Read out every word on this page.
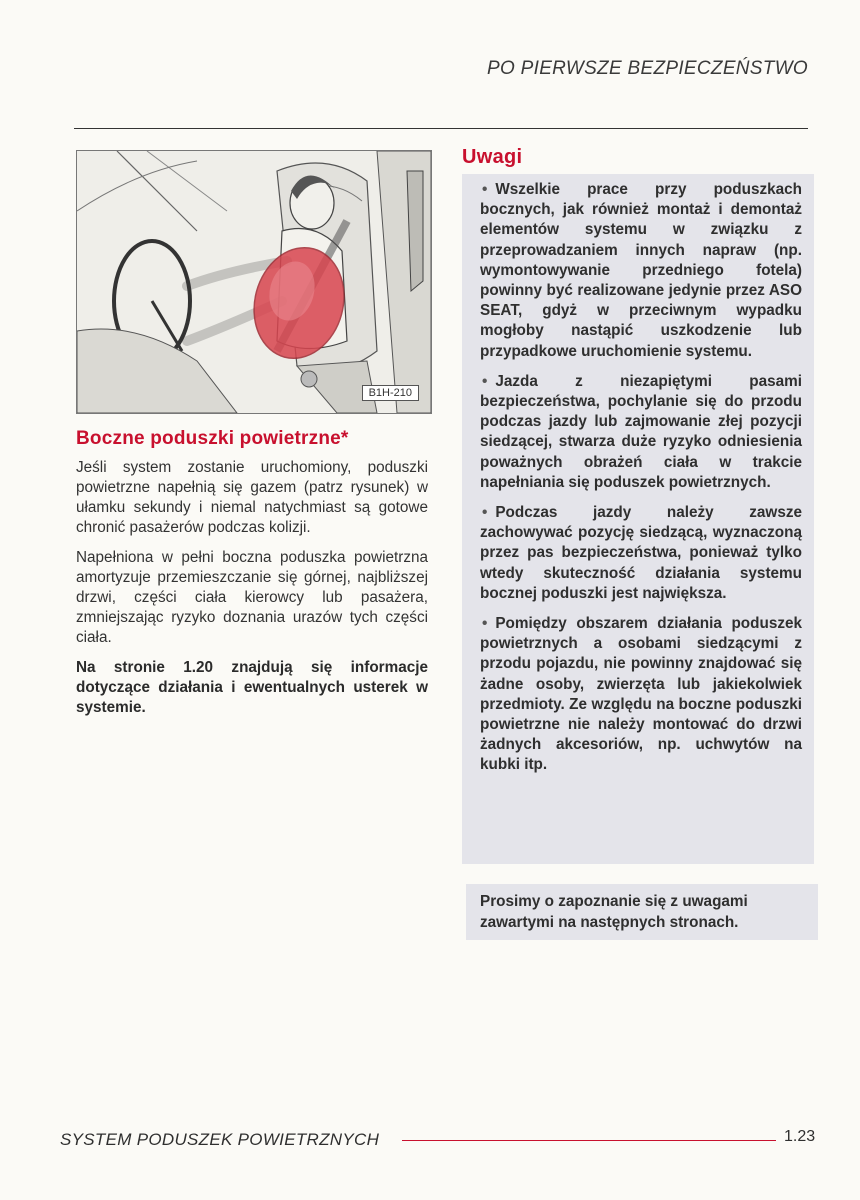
PO PIERWSZE BEZPIECZEŃSTWO
B1H-210
Boczne poduszki powietrzne*

Jeśli system zostanie uruchomiony, poduszki powietrzne napełnią się gazem (patrz rysunek) w ułamku sekundy i niemal natychmiast są gotowe chronić pasażerów podczas kolizji.

Napełniona w pełni boczna poduszka powietrzna amortyzuje przemieszczanie się górnej, najbliższej drzwi, części ciała kierowcy lub pasażera, zmniejszając ryzyko doznania urazów tych części ciała.

Na stronie 1.20 znajdują się informacje dotyczące działania i ewentualnych usterek w systemie.

Uwagi

• Wszelkie prace przy poduszkach bocznych, jak również montaż i demontaż elementów systemu w związku z przeprowadzaniem innych napraw (np. wymontowywanie przedniego fotela) powinny być realizowane jedynie przez ASO SEAT, gdyż w przeciwnym wypadku mogłoby nastąpić uszkodzenie lub przypadkowe uruchomienie systemu.

• Jazda z niezapiętymi pasami bezpieczeństwa, pochylanie się do przodu podczas jazdy lub zajmowanie złej pozycji siedzącej, stwarza duże ryzyko odniesienia poważnych obrażeń ciała w trakcie napełniania się poduszek powietrznych.

• Podczas jazdy należy zawsze zachowywać pozycję siedzącą, wyznaczoną przez pas bezpieczeństwa, ponieważ tylko wtedy skuteczność działania systemu bocznej poduszki jest największa.

• Pomiędzy obszarem działania poduszek powietrznych a osobami siedzącymi z przodu pojazdu, nie powinny znajdować się żadne osoby, zwierzęta lub jakiekolwiek przedmioty. Ze względu na boczne poduszki powietrzne nie należy montować do drzwi żadnych akcesoriów, np. uchwytów na kubki itp.

Prosimy o zapoznanie się z uwagami zawartymi na następnych stronach.

SYSTEM PODUSZEK POWIETRZNYCH	1.23
